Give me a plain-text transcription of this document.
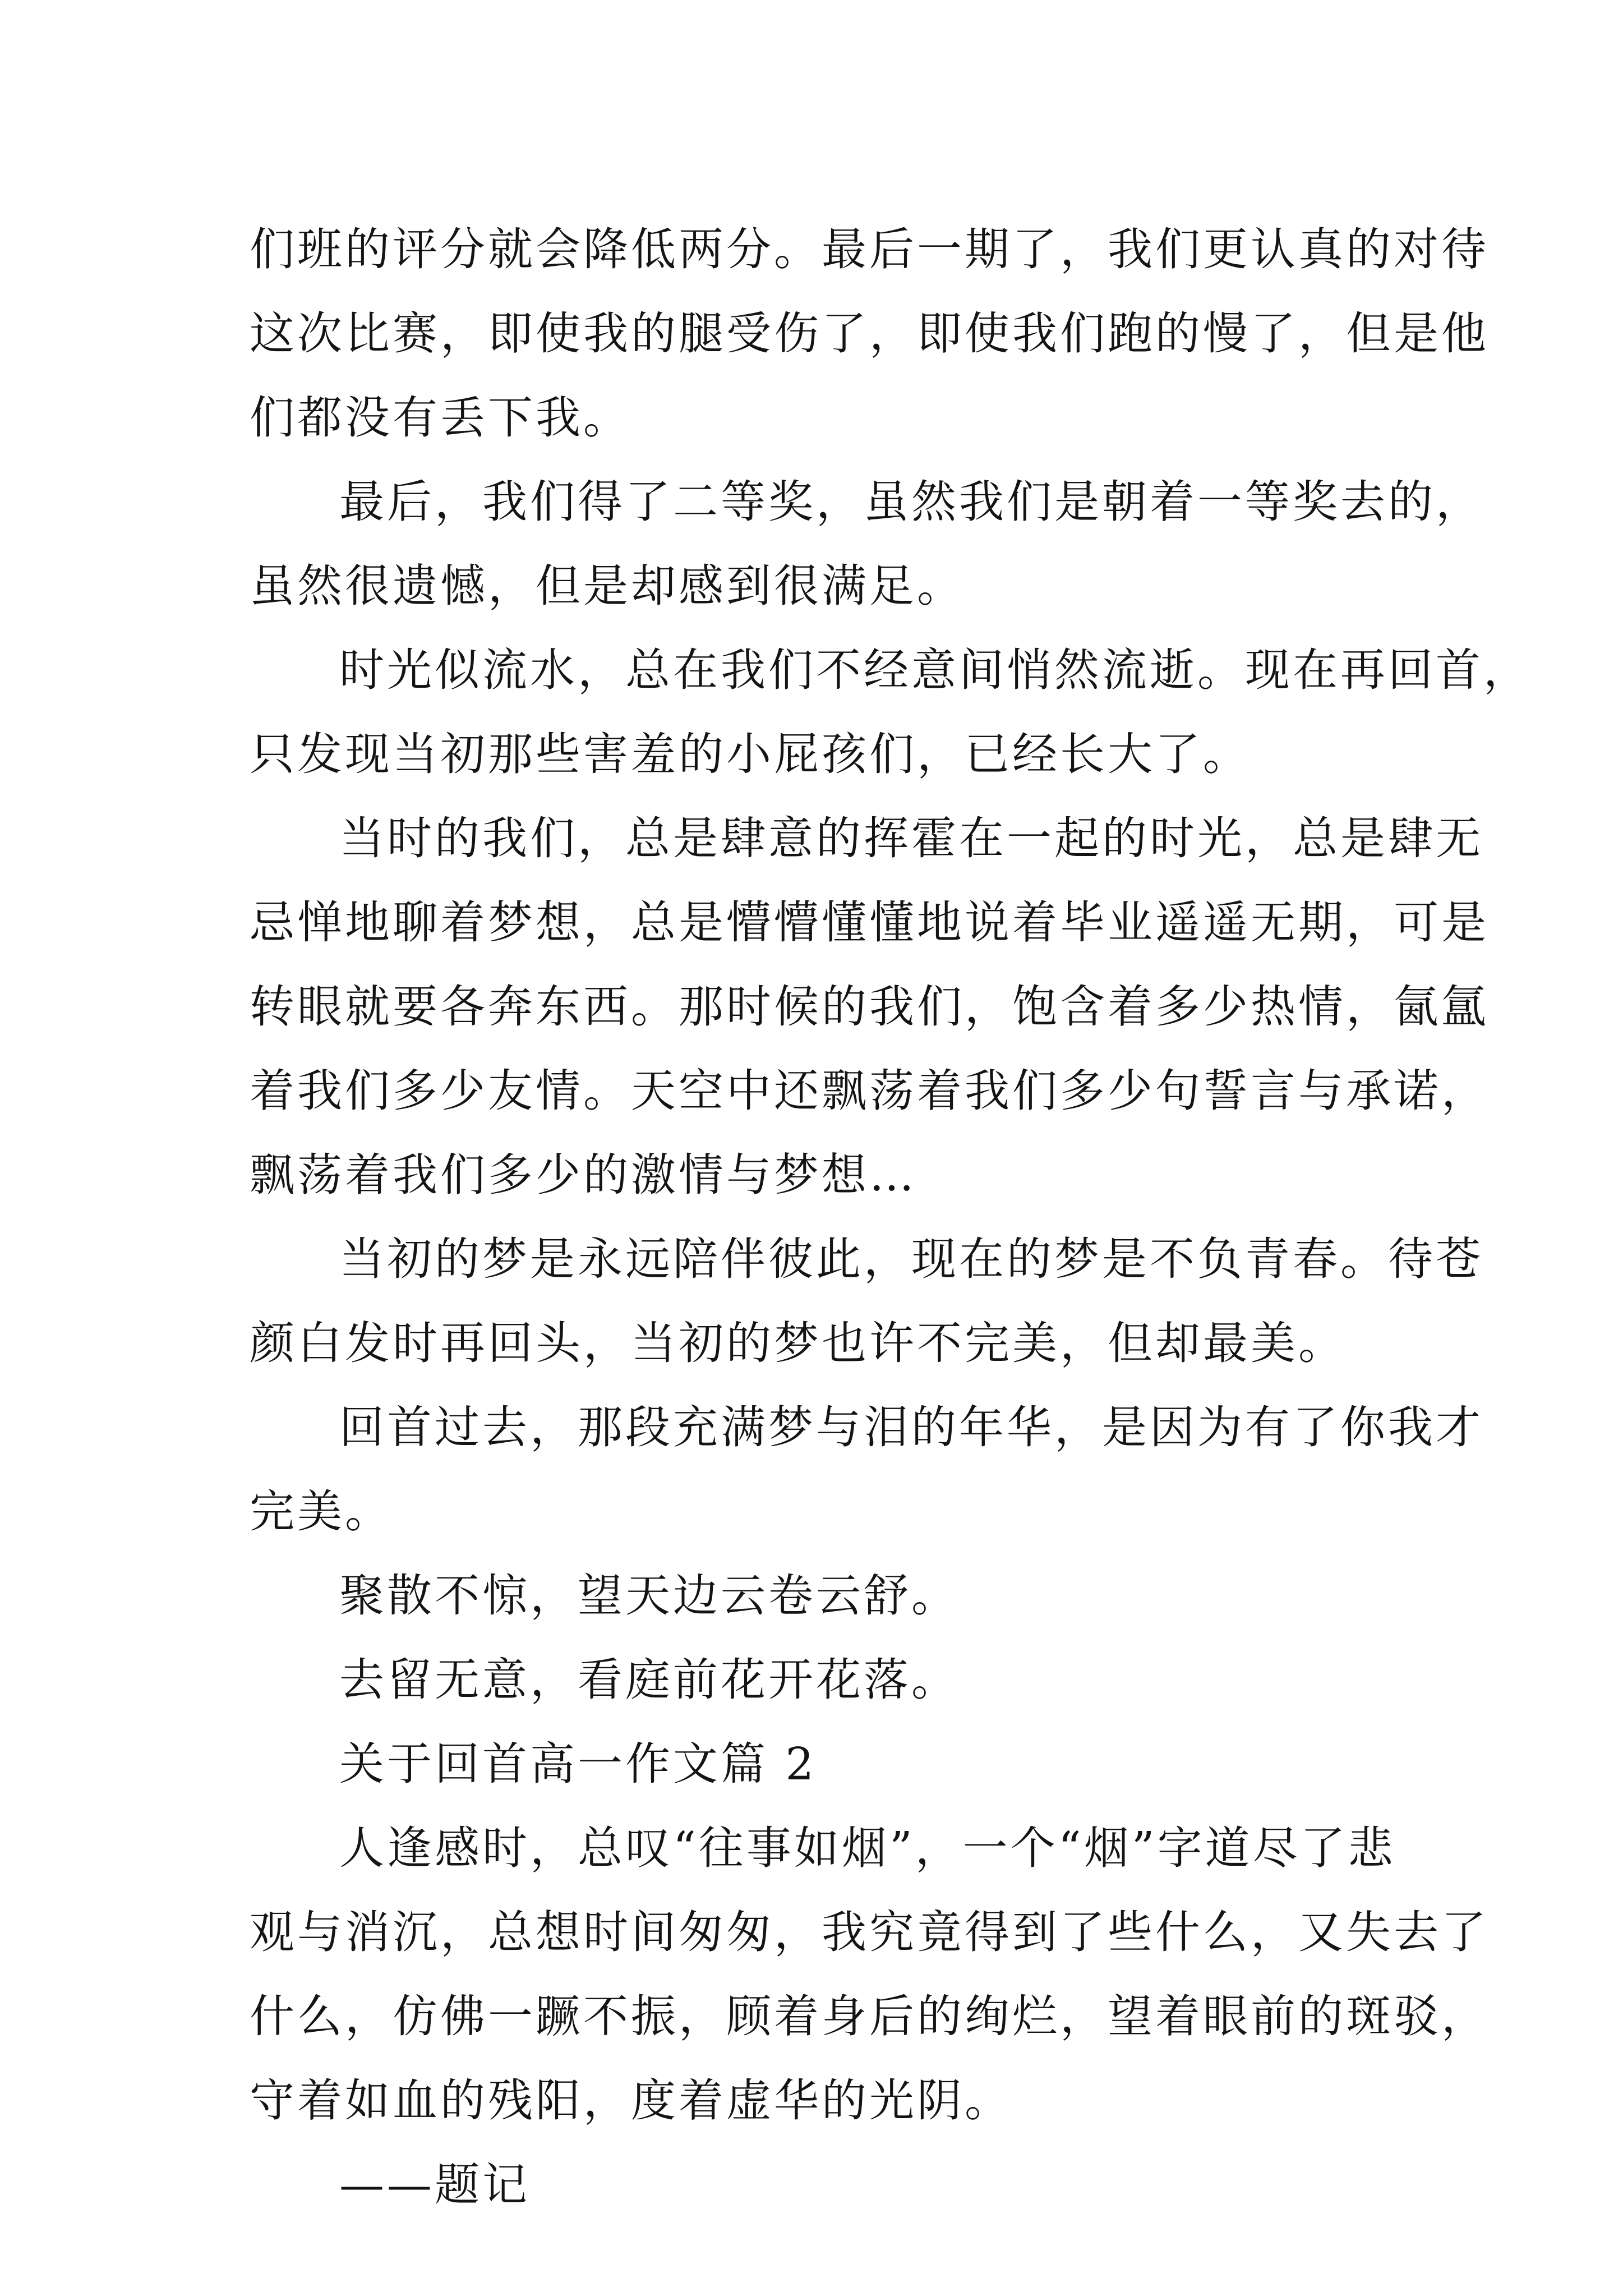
们班的评分就会降低两分。最后一期了，我们更认真的对待
这次比赛，即使我的腿受伤了，即使我们跑的慢了，但是他
们都没有丢下我。
最后，我们得了二等奖，虽然我们是朝着一等奖去的，
虽然很遗憾，但是却感到很满足。
时光似流水，总在我们不经意间悄然流逝。现在再回首，
只发现当初那些害羞的小屁孩们，已经长大了。
当时的我们，总是肆意的挥霍在一起的时光，总是肆无
忌惮地聊着梦想，总是懵懵懂懂地说着毕业遥遥无期，可是
转眼就要各奔东西。那时候的我们，饱含着多少热情，氤氲
着我们多少友情。天空中还飘荡着我们多少句誓言与承诺，
飘荡着我们多少的激情与梦想…
当初的梦是永远陪伴彼此，现在的梦是不负青春。待苍
颜白发时再回头，当初的梦也许不完美，但却最美。
回首过去，那段充满梦与泪的年华，是因为有了你我才
完美。
聚散不惊，望天边云卷云舒。
去留无意，看庭前花开花落。
关于回首高一作文篇 2
人逢感时，总叹“往事如烟”，一个“烟”字道尽了悲
观与消沉，总想时间匆匆，我究竟得到了些什么，又失去了
什么，仿佛一蹶不振，顾着身后的绚烂，望着眼前的斑驳，
守着如血的残阳，度着虚华的光阴。
——题记
